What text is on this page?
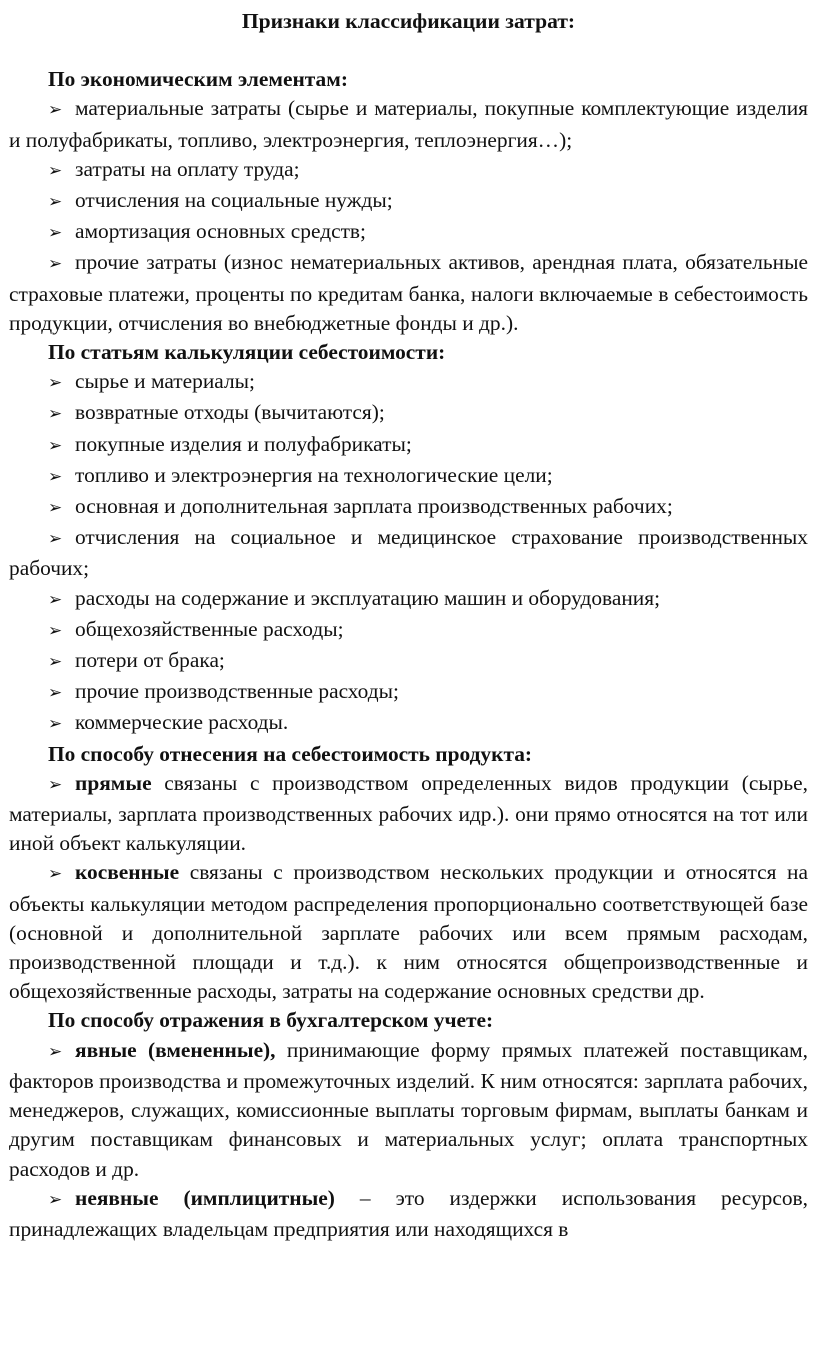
Признаки классификации затрат:

По экономическим элементам:

➢ материальные затраты (сырье и материалы, покупные комплектующие изделия и полуфабрикаты, топливо, электроэнергия, теплоэнергия…);

➢ затраты на оплату труда;

➢ отчисления на социальные нужды;

➢ амортизация основных средств;

➢ прочие затраты (износ нематериальных активов, арендная плата, обязательные страховые платежи, проценты по кредитам банка, налоги включаемые в себестоимость продукции, отчисления во внебюджетные фонды и др.).

По статьям калькуляции себестоимости:

➢ сырье и материалы;

➢ возвратные отходы (вычитаются);

➢ покупные изделия и полуфабрикаты;

➢ топливо и электроэнергия на технологические цели;

➢ основная и дополнительная зарплата производственных рабочих;

➢ отчисления на социальное и медицинское страхование производственных рабочих;

➢ расходы на содержание и эксплуатацию машин и оборудования;

➢ общехозяйственные расходы;

➢ потери от брака;

➢ прочие производственные расходы;

➢ коммерческие расходы.

По способу отнесения на себестоимость продукта:

➢ прямые связаны с производством определенных видов продукции (сырье, материалы, зарплата производственных рабочих идр.). они прямо относятся на тот или иной объект калькуляции.

➢ косвенные связаны с производством нескольких продукции и относятся на объекты калькуляции методом распределения пропорционально соответствующей базе (основной и дополнительной зарплате рабочих или всем прямым расходам, производственной площади и т.д.). к ним относятся общепроизводственные и общехозяйственные расходы, затраты на содержание основных средстви др.

По способу отражения в бухгалтерском учете:

➢ явные (вмененные), принимающие форму прямых платежей поставщикам, факторов производства и промежуточных изделий. К ним относятся: зарплата рабочих, менеджеров, служащих, комиссионные выплаты торговым фирмам, выплаты банкам и другим поставщикам финансовых и материальных услуг; оплата транспортных расходов и др.

➢ неявные (имплицитные) – это издержки использования ресурсов, принадлежащих владельцам предприятия или находящихся в
